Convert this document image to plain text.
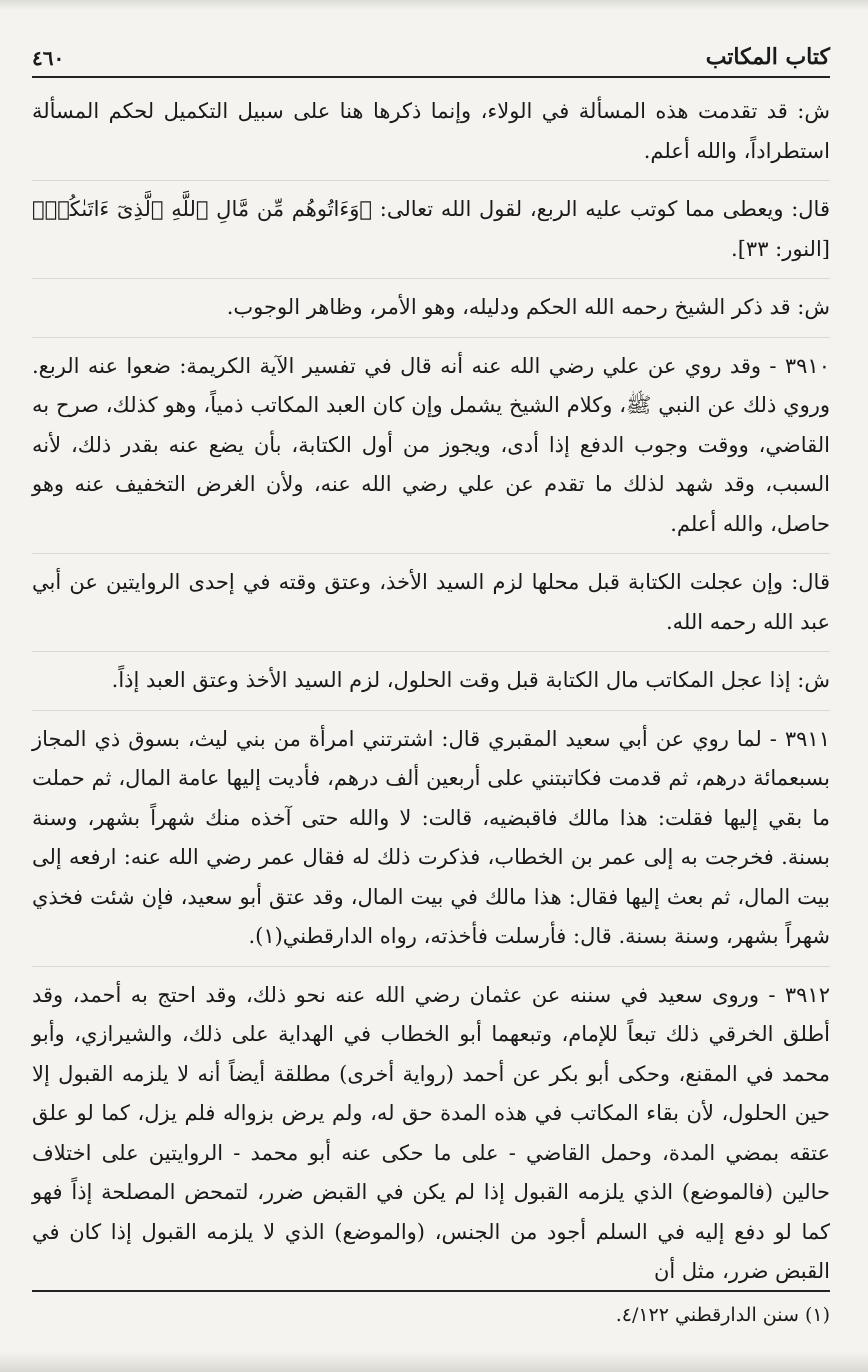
كتاب المكاتب
٤٦٠

ش: قد تقدمت هذه المسألة في الولاء، وإنما ذكرها هنا على سبيل التكميل لحكم المسألة استطراداً، والله أعلم.

قال: ويعطى مما كوتب عليه الربع، لقول الله تعالى: ﴿وَءَاتُوهُم مِّن مَّالِ ٱللَّهِ ٱلَّذِىٓ ءَاتَىٰكُمۡ﴾ [النور: ٣٣].

ش: قد ذكر الشيخ رحمه الله الحكم ودليله، وهو الأمر، وظاهر الوجوب.

٣٩١٠ - وقد روي عن علي رضي الله عنه أنه قال في تفسير الآية الكريمة: ضعوا عنه الربع. وروي ذلك عن النبي ﷺ، وكلام الشيخ يشمل وإن كان العبد المكاتب ذمياً، وهو كذلك، صرح به القاضي، ووقت وجوب الدفع إذا أدى، ويجوز من أول الكتابة، بأن يضع عنه بقدر ذلك، لأنه السبب، وقد شهد لذلك ما تقدم عن علي رضي الله عنه، ولأن الغرض التخفيف عنه وهو حاصل، والله أعلم.

قال: وإن عجلت الكتابة قبل محلها لزم السيد الأخذ، وعتق وقته في إحدى الروايتين عن أبي عبد الله رحمه الله.

ش: إذا عجل المكاتب مال الكتابة قبل وقت الحلول، لزم السيد الأخذ وعتق العبد إذاً.

٣٩١١ - لما روي عن أبي سعيد المقبري قال: اشترتني امرأة من بني ليث، بسوق ذي المجاز بسبعمائة درهم، ثم قدمت فكاتبتني على أربعين ألف درهم، فأديت إليها عامة المال، ثم حملت ما بقي إليها فقلت: هذا مالك فاقبضيه، قالت: لا والله حتى آخذه منك شهراً بشهر، وسنة بسنة. فخرجت به إلى عمر بن الخطاب، فذكرت ذلك له فقال عمر رضي الله عنه: ارفعه إلى بيت المال، ثم بعث إليها فقال: هذا مالك في بيت المال، وقد عتق أبو سعيد، فإن شئت فخذي شهراً بشهر، وسنة بسنة. قال: فأرسلت فأخذته، رواه الدارقطني(١).

٣٩١٢ - وروى سعيد في سننه عن عثمان رضي الله عنه نحو ذلك، وقد احتج به أحمد، وقد أطلق الخرقي ذلك تبعاً للإمام، وتبعهما أبو الخطاب في الهداية على ذلك، والشيرازي، وأبو محمد في المقنع، وحكى أبو بكر عن أحمد (رواية أخرى) مطلقة أيضاً أنه لا يلزمه القبول إلا حين الحلول، لأن بقاء المكاتب في هذه المدة حق له، ولم يرض بزواله فلم يزل، كما لو علق عتقه بمضي المدة، وحمل القاضي - على ما حكى عنه أبو محمد - الروايتين على اختلاف حالين (فالموضع) الذي يلزمه القبول إذا لم يكن في القبض ضرر، لتمحض المصلحة إذاً فهو كما لو دفع إليه في السلم أجود من الجنس، (والموضع) الذي لا يلزمه القبول إذا كان في القبض ضرر، مثل أن

(١) سنن الدارقطني ٤/١٢٢.
